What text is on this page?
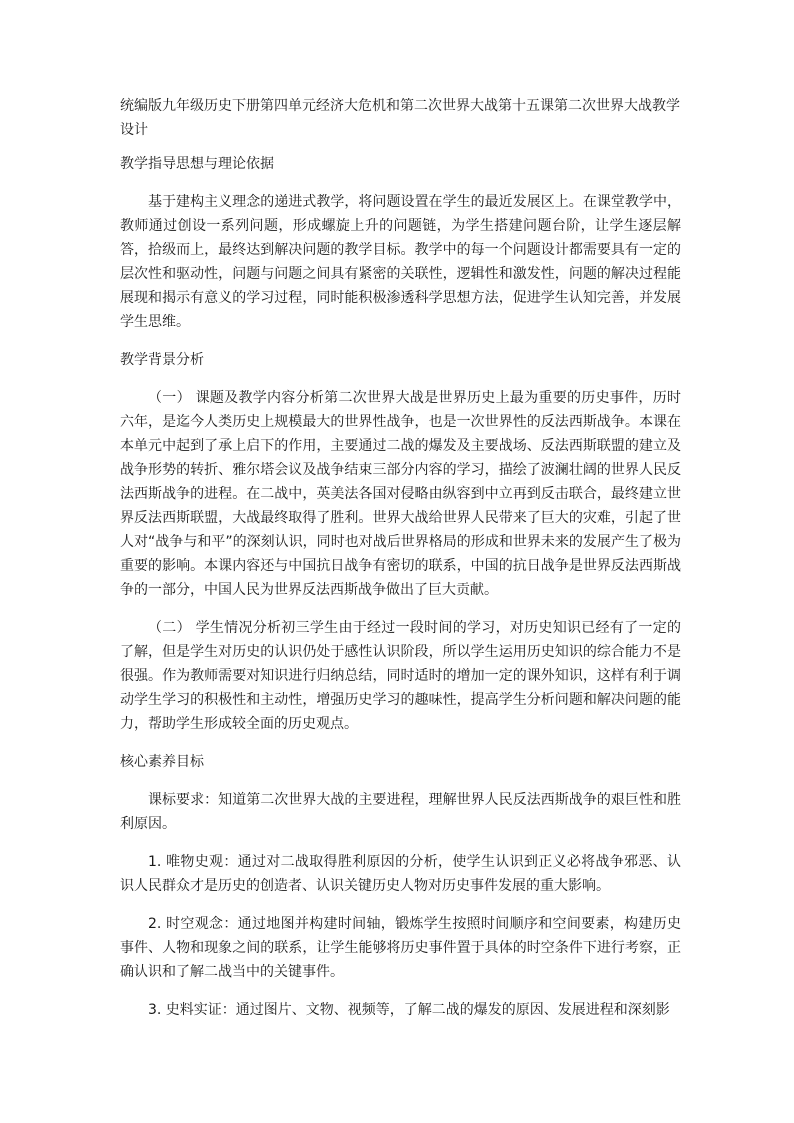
统编版九年级历史下册第四单元经济大危机和第二次世界大战第十五课第二次世界大战教学设计

教学指导思想与理论依据

基于建构主义理念的递进式教学，将问题设置在学生的最近发展区上。在课堂教学中，教师通过创设一系列问题，形成螺旋上升的问题链，为学生搭建问题台阶，让学生逐层解答，拾级而上，最终达到解决问题的教学目标。教学中的每一个问题设计都需要具有一定的层次性和驱动性，问题与问题之间具有紧密的关联性，逻辑性和激发性，问题的解决过程能展现和揭示有意义的学习过程，同时能积极渗透科学思想方法，促进学生认知完善，并发展学生思维。

教学背景分析

（一） 课题及教学内容分析第二次世界大战是世界历史上最为重要的历史事件，历时六年，是迄今人类历史上规模最大的世界性战争，也是一次世界性的反法西斯战争。本课在本单元中起到了承上启下的作用，主要通过二战的爆发及主要战场、反法西斯联盟的建立及战争形势的转折、雅尔塔会议及战争结束三部分内容的学习，描绘了波澜壮阔的世界人民反法西斯战争的进程。在二战中，英美法各国对侵略由纵容到中立再到反击联合，最终建立世界反法西斯联盟，大战最终取得了胜利。世界大战给世界人民带来了巨大的灾难，引起了世人对“战争与和平”的深刻认识，同时也对战后世界格局的形成和世界未来的发展产生了极为重要的影响。本课内容还与中国抗日战争有密切的联系，中国的抗日战争是世界反法西斯战争的一部分，中国人民为世界反法西斯战争做出了巨大贡献。

（二） 学生情况分析初三学生由于经过一段时间的学习，对历史知识已经有了一定的了解，但是学生对历史的认识仍处于感性认识阶段，所以学生运用历史知识的综合能力不是很强。作为教师需要对知识进行归纳总结，同时适时的增加一定的课外知识，这样有利于调动学生学习的积极性和主动性，增强历史学习的趣味性，提高学生分析问题和解决问题的能力，帮助学生形成较全面的历史观点。

核心素养目标

课标要求：知道第二次世界大战的主要进程，理解世界人民反法西斯战争的艰巨性和胜利原因。

1. 唯物史观：通过对二战取得胜利原因的分析，使学生认识到正义必将战争邪恶、认识人民群众才是历史的创造者、认识关键历史人物对历史事件发展的重大影响。

2. 时空观念：通过地图并构建时间轴，锻炼学生按照时间顺序和空间要素，构建历史事件、人物和现象之间的联系，让学生能够将历史事件置于具体的时空条件下进行考察，正确认识和了解二战当中的关键事件。

3. 史料实证：通过图片、文物、视频等，了解二战的爆发的原因、发展进程和深刻影
